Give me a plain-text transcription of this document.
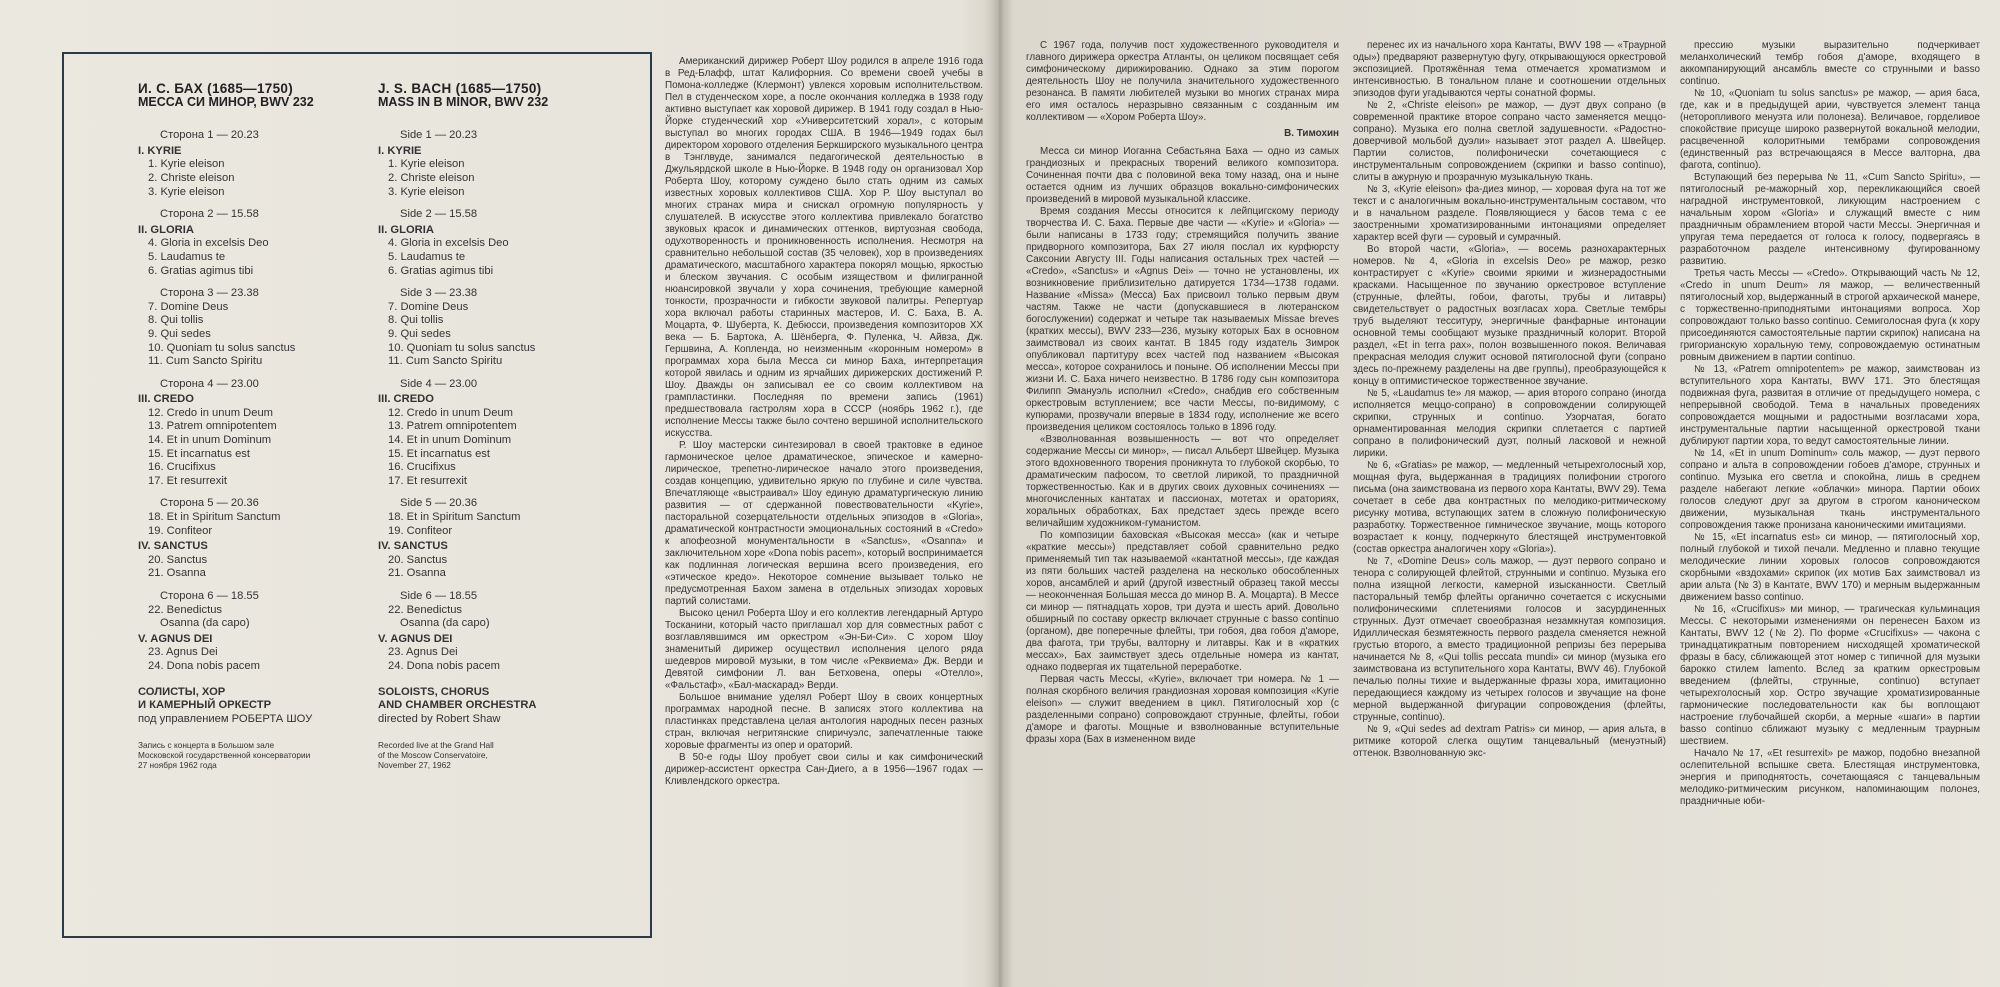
И. С. БАХ (1685—1750)
МЕССА СИ МИНОР, BWV 232
Сторона 1 — 20.23
I. KYRIE
1. Kyrie eleison
2. Christe eleison
3. Kyrie eleison
Сторона 2 — 15.58
II. GLORIA
4. Gloria in excelsis Deo
5. Laudamus te
6. Gratias agimus tibi
Сторона 3 — 23.38
7. Domine Deus
8. Qui tollis
9. Qui sedes
10. Quoniam tu solus sanctus
11. Cum Sancto Spiritu
Сторона 4 — 23.00
III. CREDO
12. Credo in unum Deum
13. Patrem omnipotentem
14. Et in unum Dominum
15. Et incarnatus est
16. Crucifixus
17. Et resurrexit
Сторона 5 — 20.36
18. Et in Spiritum Sanctum
19. Confiteor
IV. SANCTUS
20. Sanctus
21. Osanna
Сторона 6 — 18.55
22. Benedictus
Osanna (da capo)
V. AGNUS DEI
23. Agnus Dei
24. Dona nobis pacem
СОЛИСТЫ, ХОР
И КАМЕРНЫЙ ОРКЕСТР
под управлением РОБЕРТА ШОУ
Запись с концерта в Большом зале
Московской государственной консерватории
27 ноября 1962 года
J. S. BACH (1685—1750)
MASS IN B MINOR, BWV 232
Side 1 — 20.23
I. KYRIE
1. Kyrie eleison
2. Christe eleison
3. Kyrie eleison
Side 2 — 15.58
II. GLORIA
4. Gloria in excelsis Deo
5. Laudamus te
6. Gratias agimus tibi
Side 3 — 23.38
7. Domine Deus
8. Qui tollis
9. Qui sedes
10. Quoniam tu solus sanctus
11. Cum Sancto Spiritu
Side 4 — 23.00
III. CREDO
12. Credo in unum Deum
13. Patrem omnipotentem
14. Et in unum Dominum
15. Et incarnatus est
16. Crucifixus
17. Et resurrexit
Side 5 — 20.36
18. Et in Spiritum Sanctum
19. Confiteor
IV. SANCTUS
20. Sanctus
21. Osanna
Side 6 — 18.55
22. Benedictus
Osanna (da capo)
V. AGNUS DEI
23. Agnus Dei
24. Dona nobis pacem
SOLOISTS, CHORUS
AND CHAMBER ORCHESTRA
directed by Robert Shaw
Recorded live at the Grand Hall
of the Moscow Conservatoire,
November 27, 1962

Американский дирижер Роберт Шоу родился в апреле 1916 года в Ред-Блафф, штат Калифорния. Со времени своей учебы в Помона-колледже (Клермонт) увлекся хоровым исполнительством. Пел в студенческом хоре, а после окончания колледжа в 1938 году активно выступает как хоровой дирижер. В 1941 году создал в Нью-Йорке студенческий хор «Университетский хорал», с которым выступал во многих городах США. В 1946—1949 годах был директором хорового отделения Беркширского музыкального центра в Тэнглвуде, занимался педагогической деятельностью в Джульярдской школе в Нью-Йорке. В 1948 году он организовал Хор Роберта Шоу, которому суждено было стать одним из самых известных хоровых коллективов США. Хор Р. Шоу выступал во многих странах мира и снискал огромную популярность у слушателей. В искусстве этого коллектива привлекало богатство звуковых красок и динамических оттенков, виртуозная свобода, одухотворенность и проникновенность исполнения. Несмотря на сравнительно небольшой состав (35 человек), хор в произведениях драматического, масштабного характера покорял мощью, яркостью и блеском звучания. С особым изяществом и филигранной нюансировкой звучали у хора сочинения, требующие камерной тонкости, прозрачности и гибкости звуковой палитры. Репертуар хора включал работы старинных мастеров, И. С. Баха, В. А. Моцарта, Ф. Шуберта, К. Дебюсси, произведения композиторов XX века — Б. Бартока, А. Шёнберга, Ф. Пуленка, Ч. Айвза, Дж. Гершвина, А. Копленда, но неизменным «коронным номером» в программах хора была Месса си минор Баха, интерпретация которой явилась и одним из ярчайших дирижерских достижений Р. Шоу. Дважды он записывал ее со своим коллективом на грампластинки. Последняя по времени запись (1961) предшествовала гастролям хора в СССР (ноябрь 1962 г.), где исполнение Мессы также было сочтено вершиной исполнительского искусства.

Р. Шоу мастерски синтезировал в своей трактовке в единое гармоническое целое драматическое, эпическое и камерно-лирическое, трепетно-лирическое начало этого произведения, создав концепцию, удивительно яркую по глубине и силе чувства. Впечатляюще «выстраивал» Шоу единую драматургическую линию развития — от сдержанной повествовательности «Kyrie», пасторальной созерцательности отдельных эпизодов в «Gloria», драматической контрастности эмоциональных состояний в «Credo» к апофеозной монументальности в «Sanctus», «Osanna» и заключительном хоре «Dona nobis pacem», который воспринимается как подлинная логическая вершина всего произведения, его «этическое кредо». Некоторое сомнение вызывает только не предусмотренная Бахом замена в отдельных эпизодах хоровых партий солистами.

Высоко ценил Роберта Шоу и его коллектив легендарный Артуро Тосканини, который часто приглашал хор для совместных работ с возглавлявшимся им оркестром «Эн-Би-Си». С хором Шоу знаменитый дирижер осуществил исполнения целого ряда шедевров мировой музыки, в том числе «Реквиема» Дж. Верди и Девятой симфонии Л. ван Бетховена, оперы «Отелло», «Фальстаф», «Бал-маскарад» Верди.

Большое внимание уделял Роберт Шоу в своих концертных программах народной песне. В записях этого коллектива на пластинках представлена целая антология народных песен разных стран, включая негритянские спиричуэлс, запечатленные также хоровые фрагменты из опер и ораторий.

В 50-е годы Шоу пробует свои силы и как симфонический дирижер-ассистент оркестра Сан-Диего, а в 1956—1967 годах — Кливлендского оркестра.

С 1967 года, получив пост художественного руководителя и главного дирижера оркестра Атланты, он целиком посвящает себя симфоническому дирижированию. Однако за этим порогом деятельность Шоу не получила значительного художественного резонанса. В памяти любителей музыки во многих странах мира его имя осталось неразрывно связанным с созданным им коллективом — «Хором Роберта Шоу».

В. Тимохин

Месса си минор Иоганна Себастьяна Баха — одно из самых грандиозных и прекрасных творений великого композитора. Сочиненная почти два с половиной века тому назад, она и ныне остается одним из лучших образцов вокально-симфонических произведений в мировой музыкальной классике.

Время создания Мессы относится к лейпцигскому периоду творчества И. С. Баха. Первые две части — «Kyrie» и «Gloria» — были написаны в 1733 году; стремящийся получить звание придворного композитора, Бах 27 июля послал их курфюрсту Саксонии Августу III. Годы написания остальных трех частей — «Credo», «Sanctus» и «Agnus Dei» — точно не установлены, их возникновение приблизительно датируется 1734—1738 годами. Название «Missa» (Месса) Бах присвоил только первым двум частям. Также не части (допускавшиеся в лютеранском богослужении) содержат и четыре так называемых Missae breves (кратких мессы), BWV 233—236, музыку которых Бах в основном заимствовал из своих кантат. В 1845 году издатель Зимрок опубликовал партитуру всех частей под названием «Высокая месса», которое сохранилось и поныне. Об исполнении Мессы при жизни И. С. Баха ничего неизвестно. В 1786 году сын композитора Филипп Эмануэль исполнил «Credo», снабдив его собственным оркестровым вступлением; все части Мессы, по-видимому, с купюрами, прозвучали впервые в 1834 году, исполнение же всего произведения целиком состоялось только в 1896 году.

«Взволнованная возвышенность — вот что определяет содержание Мессы си минор», — писал Альберт Швейцер. Музыка этого вдохновенного творения проникнута то глубокой скорбью, то драматическим пафосом, то светлой лирикой, то праздничной торжественностью. Как и в других своих духовных сочинениях — многочисленных кантатах и пассионах, мотетах и ораториях, хоральных обработках, Бах предстает здесь прежде всего величайшим художником-гуманистом.

По композиции баховская «Высокая месса» (как и четыре «краткие мессы») представляет собой сравнительно редко применяемый тип так называемой «кантатной мессы», где каждая из пяти больших частей разделена на несколько обособленных хоров, ансамблей и арий (другой известный образец такой мессы — неоконченная Большая месса до минор В. А. Моцарта). В Мессе си минор — пятнадцать хоров, три дуэта и шесть арий. Довольно обширный по составу оркестр включает струнные с basso continuo (органом), две поперечные флейты, три гобоя, два гобоя д'аморе, два фагота, три трубы, валторну и литавры. Как и в «кратких мессах», Бах заимствует здесь отдельные номера из кантат, однако подвергая их тщательной переработке.

Первая часть Мессы, «Kyrie», включает три номера. № 1 — полная скорбного величия грандиозная хоровая композиция «Kyrie eleison» — служит введением в цикл. Пятиголосный хор (с разделенными сопрано) сопровождают струнные, флейты, гобои д'аморе и фаготы. Мощные и взволнованные вступительные фразы хора (Бах в измененном виде

перенес их из начального хора Кантаты, BWV 198 — «Траурной оды») предваряют развернутую фугу, открывающуюся оркестровой экспозицией. Протяжённая тема отмечается хроматизмом и интенсивностью. В тональном плане и соотношении отдельных эпизодов фуги угадываются черты сонатной формы.

№ 2, «Christe eleison» ре мажор, — дуэт двух сопрано (в современной практике второе сопрано часто заменяется меццо-сопрано). Музыка его полна светлой задушевности. «Радостно-доверчивой мольбой дуэли» называет этот раздел А. Швейцер. Партии солистов, полифонически сочетающиеся с инструментальным сопровождением (скрипки и basso continuo), слиты в ажурную и прозрачную музыкальную ткань.

№ 3, «Kyrie eleison» фа-диез минор, — хоровая фуга на тот же текст и с аналогичным вокально-инструментальным составом, что и в начальном разделе. Появляющиеся у басов тема с ее заостренными хроматизированными интонациями определяет характер всей фуги — суровый и сумрачный.

Во второй части, «Gloria», — восемь разнохарактерных номеров. № 4, «Gloria in excelsis Deo» ре мажор, резко контрастирует с «Kyrie» своими яркими и жизнерадостными красками. Насыщенное по звучанию оркестровое вступление (струнные, флейты, гобои, фаготы, трубы и литавры) свидетельствует о радостных возгласах хора. Светлые тембры труб выделяют тесситуру, энергичные фанфарные интонации основной темы сообщают музыке праздничный колорит. Второй раздел, «Et in terra pax», полон возвышенного покоя. Величавая прекрасная мелодия служит основой пятиголосной фуги (сопрано здесь по-прежнему разделены на две группы), преобразующейся к концу в оптимистическое торжественное звучание.

№ 5, «Laudamus te» ля мажор, — ария второго сопрано (иногда исполняется меццо-сопрано) в сопровождении солирующей скрипки, струнных и continuo. Узорчатая, богато орнаментированная мелодия скрипки сплетается с партией сопрано в полифонический дуэт, полный ласковой и нежной лирики.

№ 6, «Gratias» ре мажор, — медленный четырехголосный хор, мощная фуга, выдержанная в традициях полифонии строгого письма (она заимствована из первого хора Кантаты, BWV 29). Тема сочетает в себе два контрастных по мелодико-ритмическому рисунку мотива, вступающих затем в сложную полифоническую разработку. Торжественное гимническое звучание, мощь которого возрастает к концу, подчеркнуто блестящей инструментовкой (состав оркестра аналогичен хору «Gloria»).

№ 7, «Domine Deus» соль мажор, — дуэт первого сопрано и тенора с солирующей флейтой, струнными и continuo. Музыка его полна изящной легкости, камерной изысканности. Светлый пасторальный тембр флейты органично сочетается с искусными полифоническими сплетениями голосов и засурдиненных струнных. Дуэт отмечает своеобразная незамкнутая композиция. Идиллическая безмятежность первого раздела сменяется нежной грустью второго, а вместо традиционной репризы без перерыва начинается № 8, «Qui tollis peccata mundi» си минор (музыка его заимствована из вступительного хора Кантаты, BWV 46). Глубокой печалью полны тихие и выдержанные фразы хора, имитационно передающиеся каждому из четырех голосов и звучащие на фоне мерной выдержанной фигурации сопровождения (флейты, струнные, continuo).

№ 9, «Qui sedes ad dextram Patris» си минор, — ария альта, в ритмике которой слегка ощутим танцевальный (менуэтный) оттенок. Взволнованную экс-

прессию музыки выразительно подчеркивает меланхолический тембр гобоя д'аморе, входящего в аккомпанирующий ансамбль вместе со струнными и basso continuo.

№ 10, «Quoniam tu solus sanctus» ре мажор, — ария баса, где, как и в предыдущей арии, чувствуется элемент танца (неторопливого менуэта или полонеза). Величавое, горделивое спокойствие присуще широко развернутой вокальной мелодии, расцвеченной колоритными тембрами сопровождения (единственный раз встречающаяся в Мессе валторна, два фагота, continuo).

Вступающий без перерыва № 11, «Cum Sancto Spiritu», — пятиголосный ре-мажорный хор, перекликающийся своей наградной инструментовкой, ликующим настроением с начальным хором «Gloria» и служащий вместе с ним праздничным обрамлением второй части Мессы. Энергичная и упругая тема передается от голоса к голосу, подвергаясь в разработочном разделе интенсивному фугированному развитию.

Третья часть Мессы — «Credo». Открывающий часть № 12, «Credo in unum Deum» ля мажор, — величественный пятиголосный хор, выдержанный в строгой архаической манере, с торжественно-приподнятыми интонациями вопроса. Хор сопровождают только basso continuo. Семиголосная фуга (к хору присоединяются самостоятельные партии скрипок) написана на григорианскую хоральную тему, сопровождаемую остинатным ровным движением в партии continuo.

№ 13, «Patrem omnipotentem» ре мажор, заимствован из вступительного хора Кантаты, BWV 171. Это блестящая подвижная фуга, развитая в отличие от предыдущего номера, с непрерывной свободой. Тема в начальных проведениях сопровождается мощными и радостными возгласами хора, инструментальные партии насыщенной оркестровой ткани дублируют партии хора, то ведут самостоятельные линии.

№ 14, «Et in unum Dominum» соль мажор, — дуэт первого сопрано и альта в сопровождении гобоев д'аморе, струнных и continuo. Музыка его светла и спокойна, лишь в среднем разделе набегают легкие «облачки» минора. Партии обоих голосов следуют друг за другом в строгом каноническом движении, музыкальная ткань инструментального сопровождения также пронизана каноническими имитациями.

№ 15, «Et incarnatus est» си минор, — пятиголосный хор, полный глубокой и тихой печали. Медленно и плавно текущие мелодические линии хоровых голосов сопровождаются скорбными «вздохами» скрипок (их мотив Бах заимствовал из арии альта (№ 3) в Кантате, BWV 170) и мерным выдержанным движением basso continuo.

№ 16, «Crucifixus» ми минор, — трагическая кульминация Мессы. С некоторыми изменениями он перенесен Бахом из Кантаты, BWV 12 (№ 2). По форме «Crucifixus» — чакона с тринадцатикратным повторением нисходящей хроматической фразы в басу, сближающей этот номер с типичной для музыки барокко стилем lamento. Вслед за кратким оркестровым введением (флейты, струнные, continuo) вступает четырехголосный хор. Остро звучащие хроматизированные гармонические последовательности как бы воплощают настроение глубочайшей скорби, а мерные «шаги» в партии basso continuo сближают музыку с медленным траурным шествием.

Начало № 17, «Et resurrexit» ре мажор, подобно внезапной ослепительной вспышке света. Блестящая инструментовка, энергия и приподнятость, сочетающаяся с танцевальным мелодико-ритмическим рисунком, напоминающим полонез, праздничные юби-
